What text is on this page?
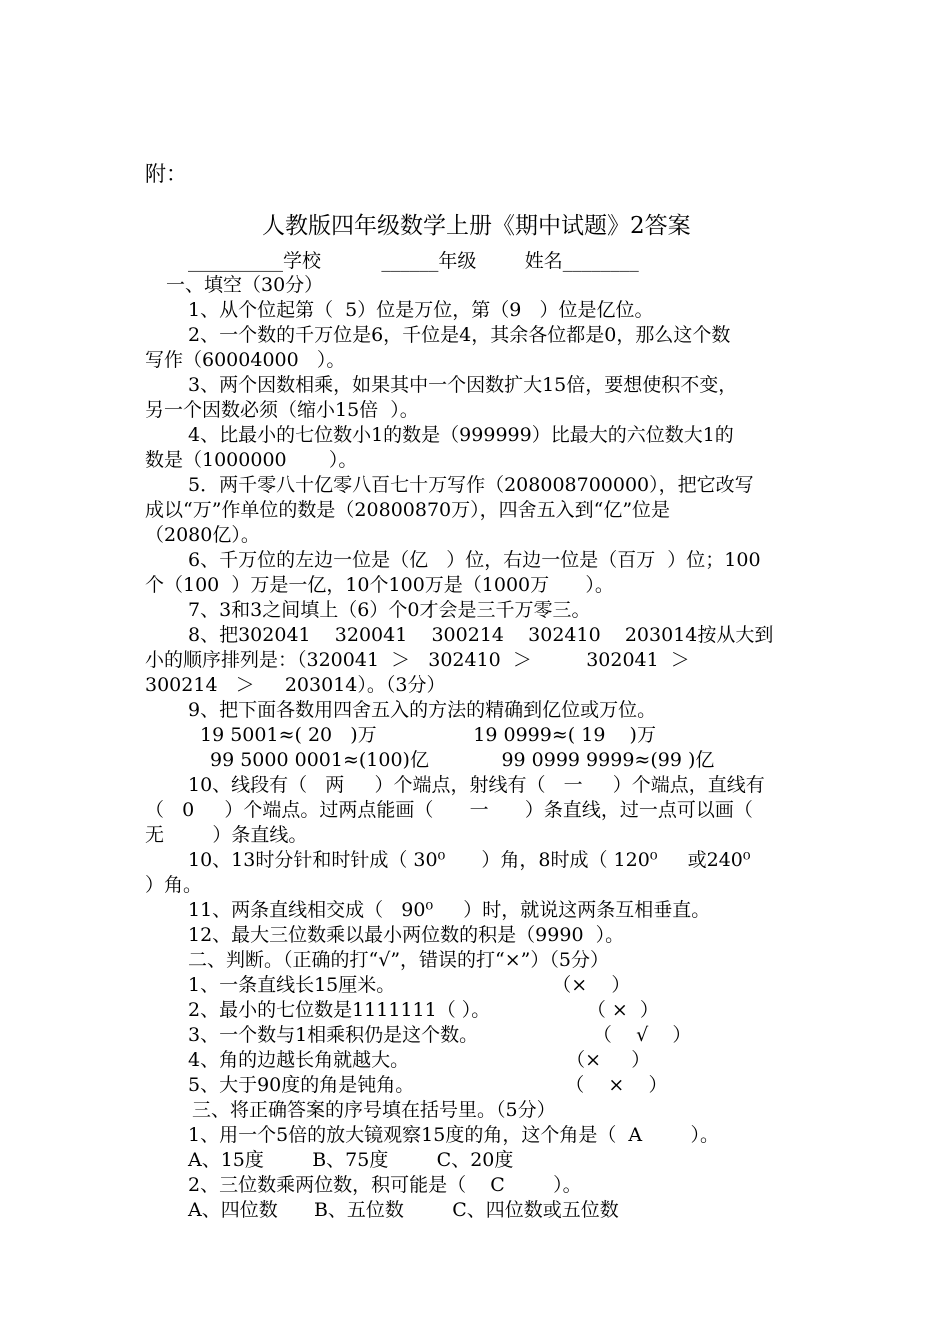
附：
人教版四年级数学上册《期中试题》2答案
__________学校          ______年级        姓名________
一、填空（30分）
1、从个位起第（  5）位是万位，第（9   ）位是亿位。
2、一个数的千万位是6，千位是4，其余各位都是0，那么这个数
写作（60004000   ）。
3、两个因数相乘，如果其中一个因数扩大15倍，要想使积不变，
另一个因数必须（缩小15倍  ）。
4、比最小的七位数小1的数是（999999）比最大的六位数大1的
数是（1000000       ）。
5．两千零八十亿零八百七十万写作（208008700000），把它改写
成以“万”作单位的数是（20800870万），四舍五入到“亿”位是
（2080亿）。
6、千万位的左边一位是（亿   ）位，右边一位是（百万  ）位；100
个（100  ）万是一亿，10个100万是（1000万      ）。
7、3和3之间填上（6）个0才会是三千万零三。
8、把302041    320041    300214    302410    203014按从大到
小的顺序排列是：（320041  ＞   302410  ＞         302041  ＞
300214   ＞     203014）。（3分）
9、把下面各数用四舍五入的方法的精确到亿位或万位。
19 5001≈( 20   )万                19 0999≈( 19    )万
99 5000 0001≈(100)亿            99 0999 9999≈(99 )亿
10、线段有（   两     ）个端点，射线有（   一     ）个端点，直线有
（   0     ）个端点。过两点能画（      一      ）条直线，过一点可以画（
无        ）条直线。
10、13时分针和时针成（ 30⁰      ）角，8时成（ 120⁰     或240⁰
）角。
11、两条直线相交成（   90⁰     ）时，就说这两条互相垂直。
12、最大三位数乘以最小两位数的积是（9990  ）。
二、判断。（正确的打“√”，错误的打“×”）（5分）
1、一条直线长15厘米。                          （×    ）
2、最小的七位数是1111111（ ）。                （ ×  ）
3、一个数与1相乘积仍是这个数。                   （    √    ）
4、角的边越长角就越大。                          （×     ）
5、大于90度的角是钝角。                         （    ×    ）
三、将正确答案的序号填在括号里。（5分）
1、用一个5倍的放大镜观察15度的角，这个角是（  A        ）。
A、15度        B、75度        C、20度
2、三位数乘两位数，积可能是（    C        ）。
A、四位数      B、五位数        C、四位数或五位数
